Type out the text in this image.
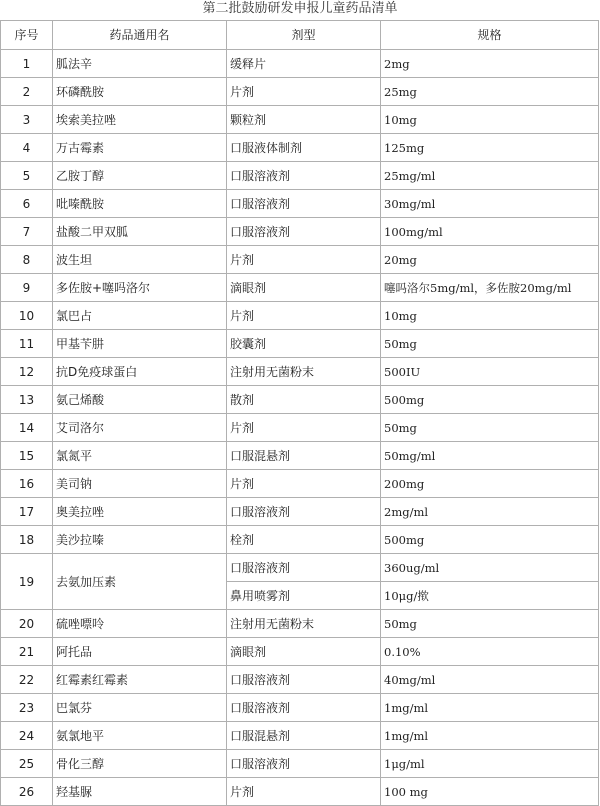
第二批鼓励研发申报儿童药品清单
序号	药品通用名	剂型	规格
1	胍法辛	缓释片	2mg
2	环磷酰胺	片剂	25mg
3	埃索美拉唑	颗粒剂	10mg
4	万古霉素	口服液体制剂	125mg
5	乙胺丁醇	口服溶液剂	25mg/ml
6	吡嗪酰胺	口服溶液剂	30mg/ml
7	盐酸二甲双胍	口服溶液剂	100mg/ml
8	波生坦	片剂	20mg
9	多佐胺+噻吗洛尔	滴眼剂	噻吗洛尔5mg/ml，多佐胺20mg/ml
10	氯巴占	片剂	10mg
11	甲基苄肼	胶囊剂	50mg
12	抗D免疫球蛋白	注射用无菌粉末	500IU
13	氨己烯酸	散剂	500mg
14	艾司洛尔	片剂	50mg
15	氯氮平	口服混悬剂	50mg/ml
16	美司钠	片剂	200mg
17	奥美拉唑	口服溶液剂	2mg/ml
18	美沙拉嗪	栓剂	500mg
19	去氨加压素	口服溶液剂	360ug/ml
		鼻用喷雾剂	10μg/揿
20	硫唑嘌呤	注射用无菌粉末	50mg
21	阿托品	滴眼剂	0.10%
22	红霉素红霉素	口服溶液剂	40mg/ml
23	巴氯芬	口服溶液剂	1mg/ml
24	氨氯地平	口服混悬剂	1mg/ml
25	骨化三醇	口服溶液剂	1μg/ml
26	羟基脲	片剂	100 mg
